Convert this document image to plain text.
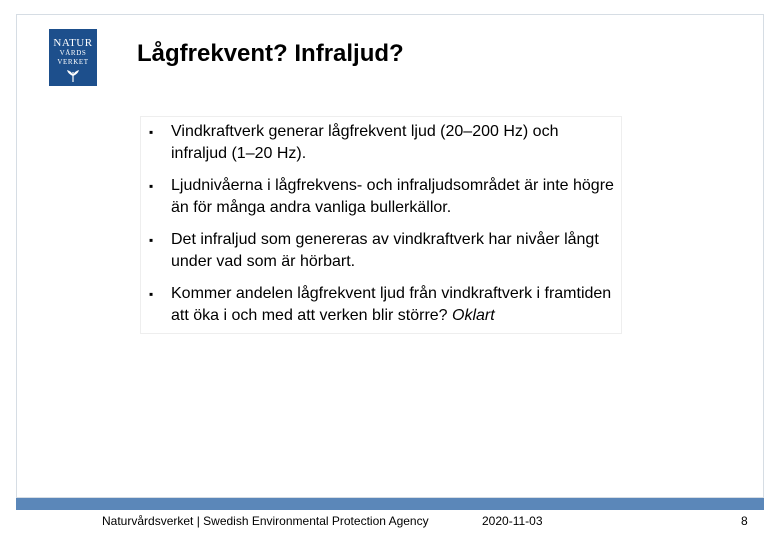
NATUR
VÅRDS
VERKET	Lågfrekvent? Infraljud?
▪	Vindkraftverk generar lågfrekvent ljud (20–200 Hz) och infraljud (1–20 Hz).
▪	Ljudnivåerna i lågfrekvens- och infraljudsområdet är inte högre än för många andra vanliga bullerkällor.
▪	Det infraljud som genereras av vindkraftverk har nivåer långt under vad som är hörbart.
▪	Kommer andelen lågfrekvent ljud från vindkraftverk i framtiden att öka i och med att verken blir större? Oklart
Naturvårdsverket | Swedish Environmental Protection Agency	2020-11-03	8
